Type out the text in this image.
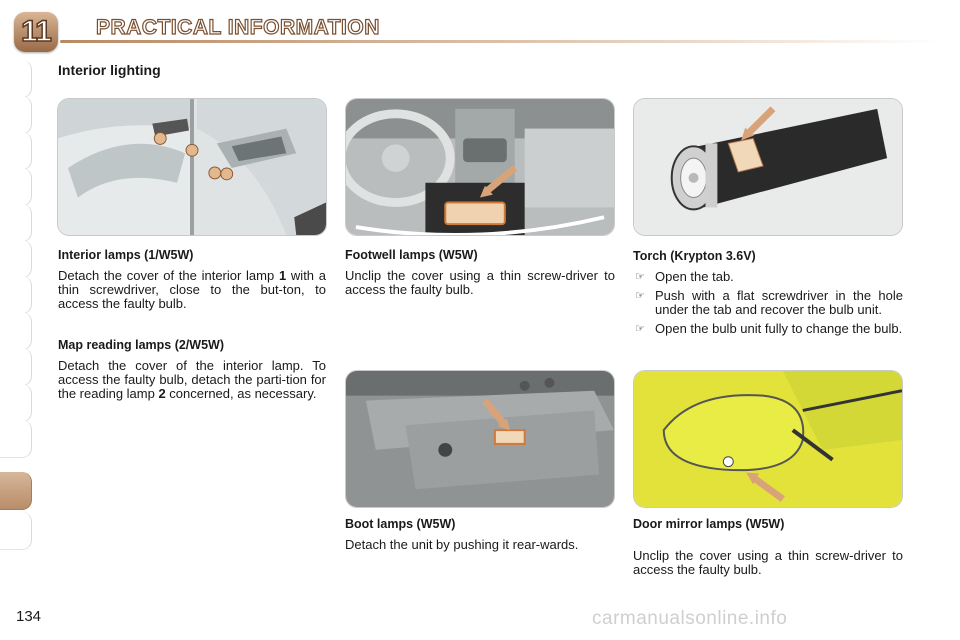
11 PRACTICAL INFORMATION
Interior lighting
Interior lamps (1/W5W)

Detach the cover of the interior lamp 1 with a thin screwdriver, close to the but-ton, to access the faulty bulb.

Map reading lamps (2/W5W)

Detach the cover of the interior lamp. To access the faulty bulb, detach the parti-tion for the reading lamp 2 concerned, as necessary.

Footwell lamps (W5W)

Unclip the cover using a thin screw-driver to access the faulty bulb.

Torch (Krypton 3.6V)
☞ Open the tab.
☞ Push with a flat screwdriver in the hole under the tab and recover the bulb unit.
☞ Open the bulb unit fully to change the bulb.
Boot lamps (W5W)

Detach the unit by pushing it rear-wards.

Door mirror lamps (W5W)

Unclip the cover using a thin screw-driver to access the faulty bulb.

134	carmanualsonline.info
